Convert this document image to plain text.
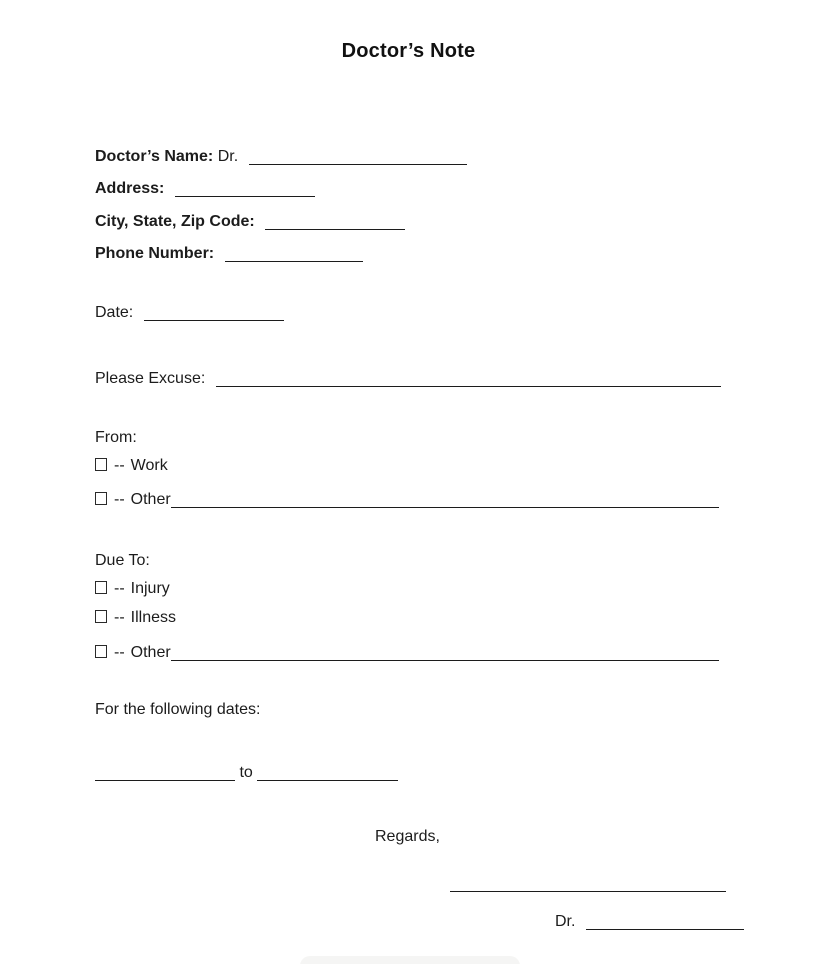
Doctor’s Note
Doctor’s Name: Dr.
Address:
City, State, Zip Code:
Phone Number:
Date:
Please Excuse:
From:
-- Work
-- Other
Due To:
-- Injury
-- Illness
-- Other
For the following dates:
to
Regards,
Dr.
